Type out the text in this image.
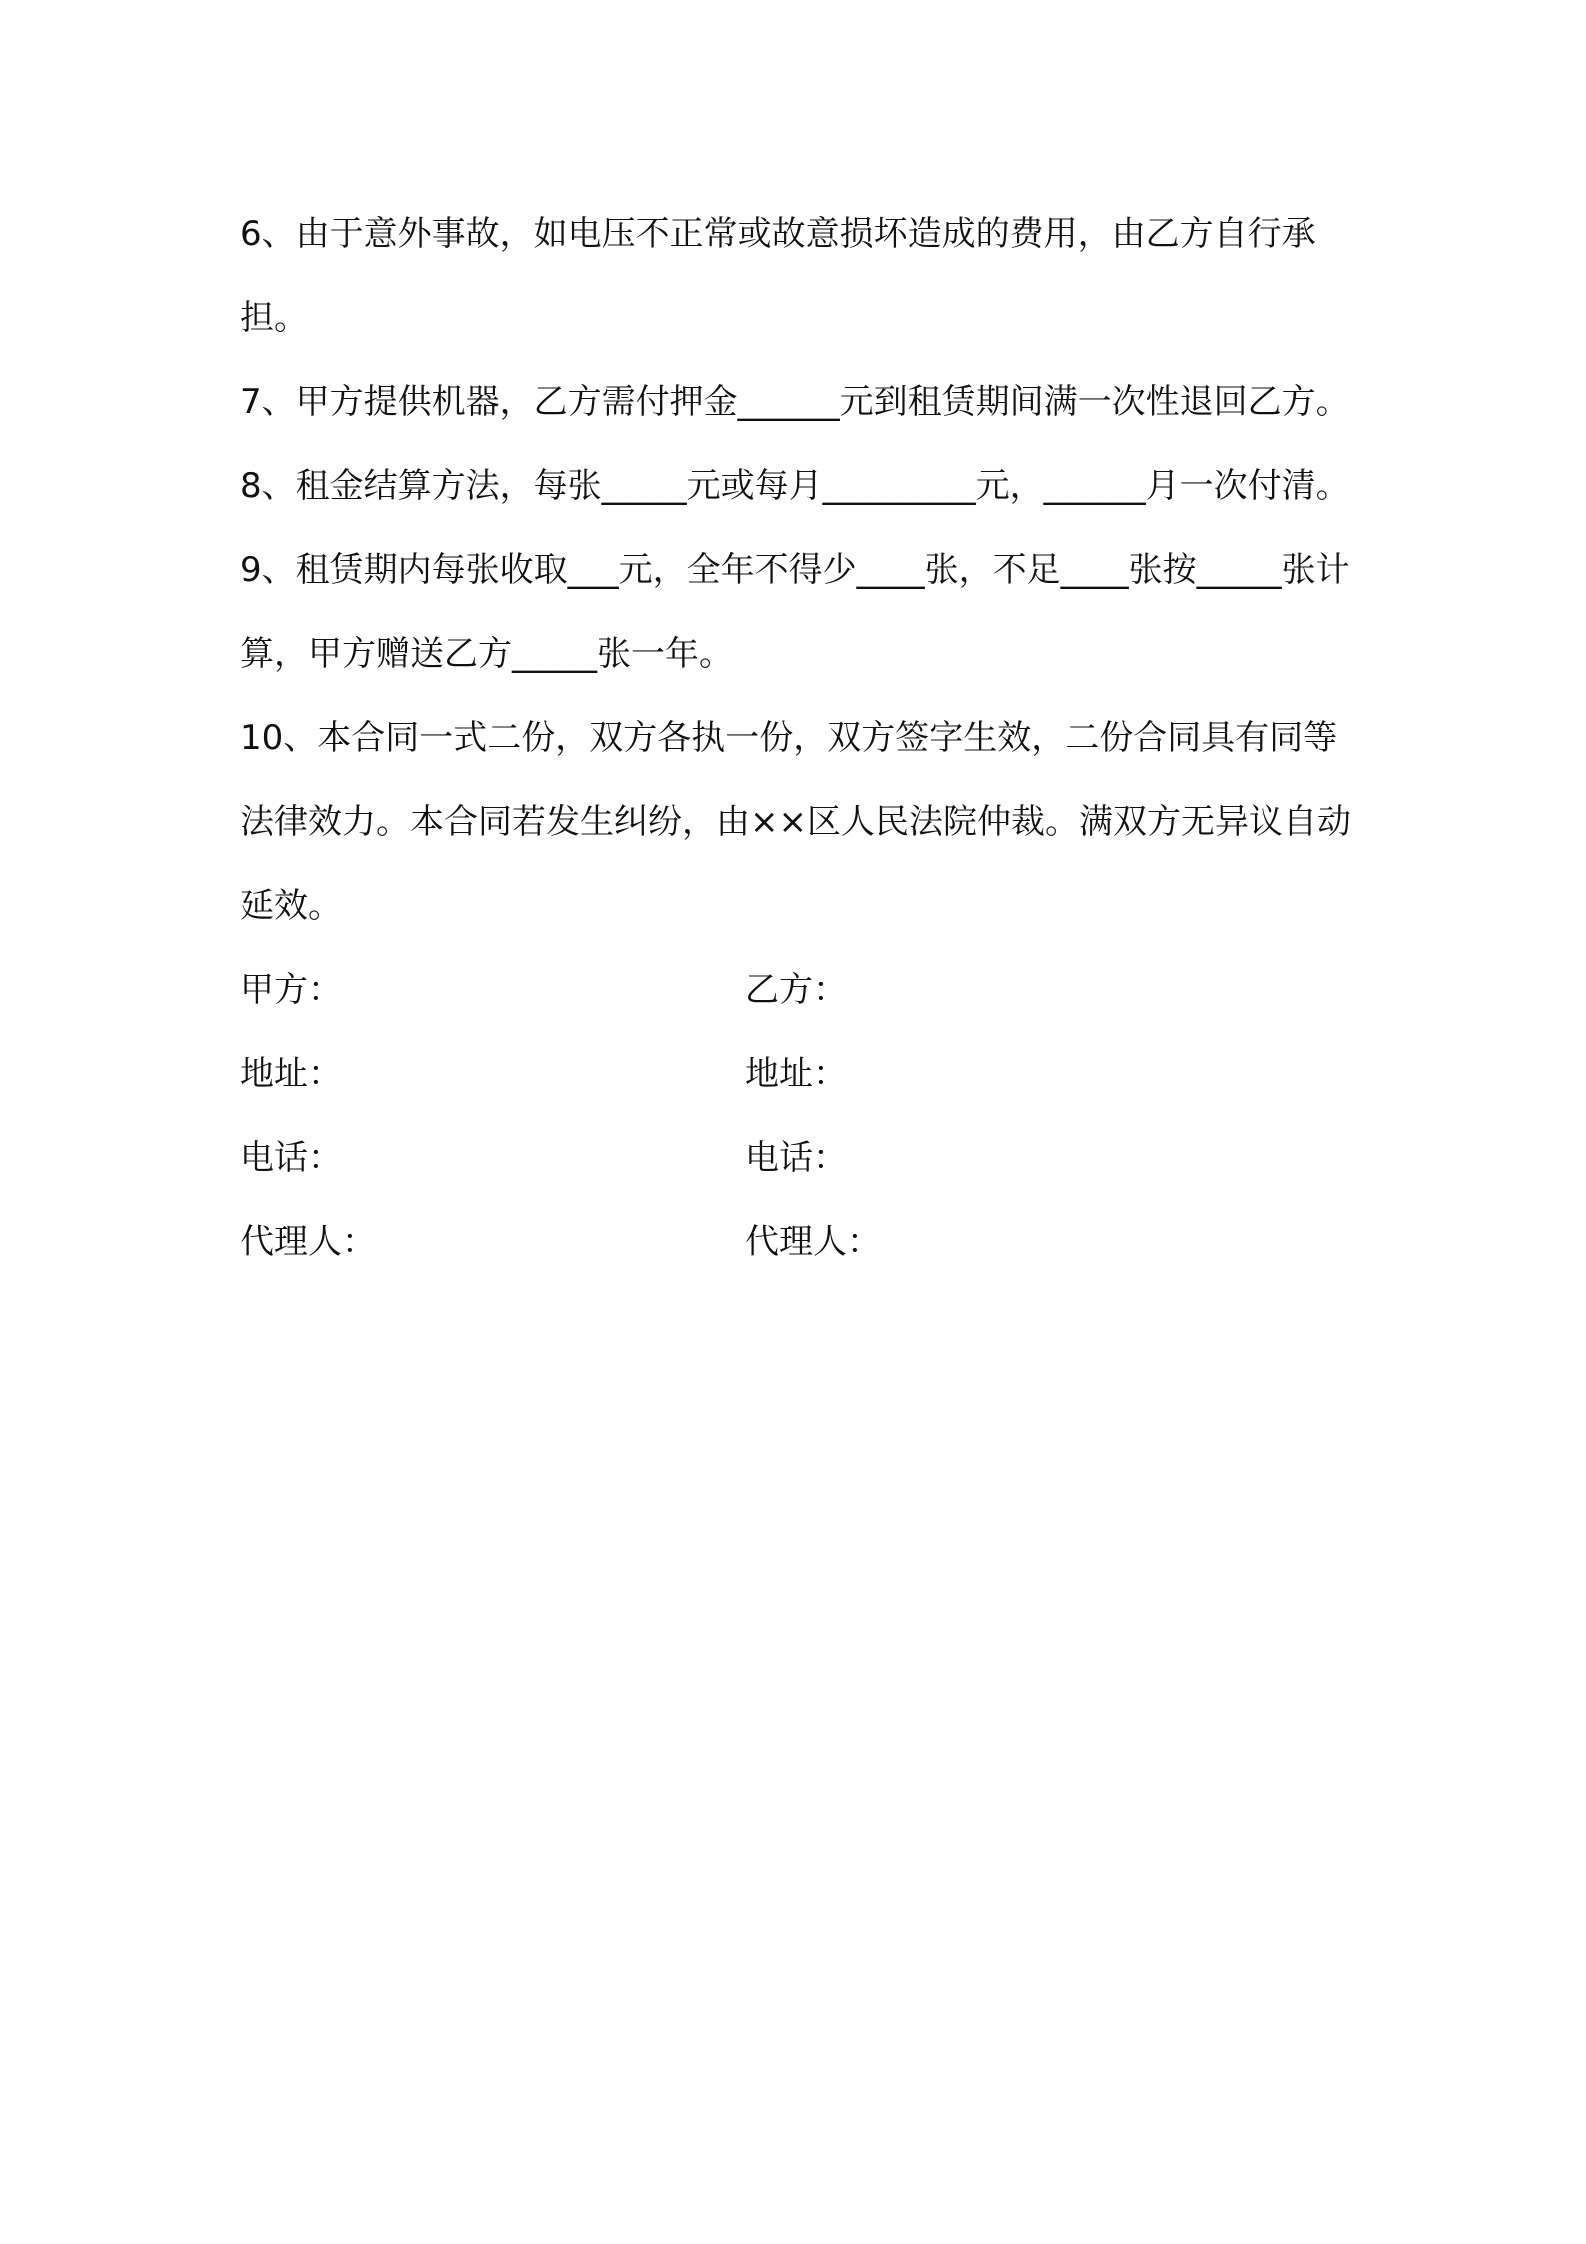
6、由于意外事故，如电压不正常或故意损坏造成的费用，由乙方自行承担。

7、甲方提供机器，乙方需付押金______元到租赁期间满一次性退回乙方。

8、租金结算方法，每张_____元或每月_________元，______月一次付清。

9、租赁期内每张收取___元，全年不得少____张，不足____张按_____张计算，甲方赠送乙方_____张一年。

10、本合同一式二份，双方各执一份，双方签字生效，二份合同具有同等法律效力。本合同若发生纠纷，由××区人民法院仲裁。满双方无异议自动延效。

甲方：	乙方：
地址：	地址：
电话：	电话：
代理人：	代理人：
